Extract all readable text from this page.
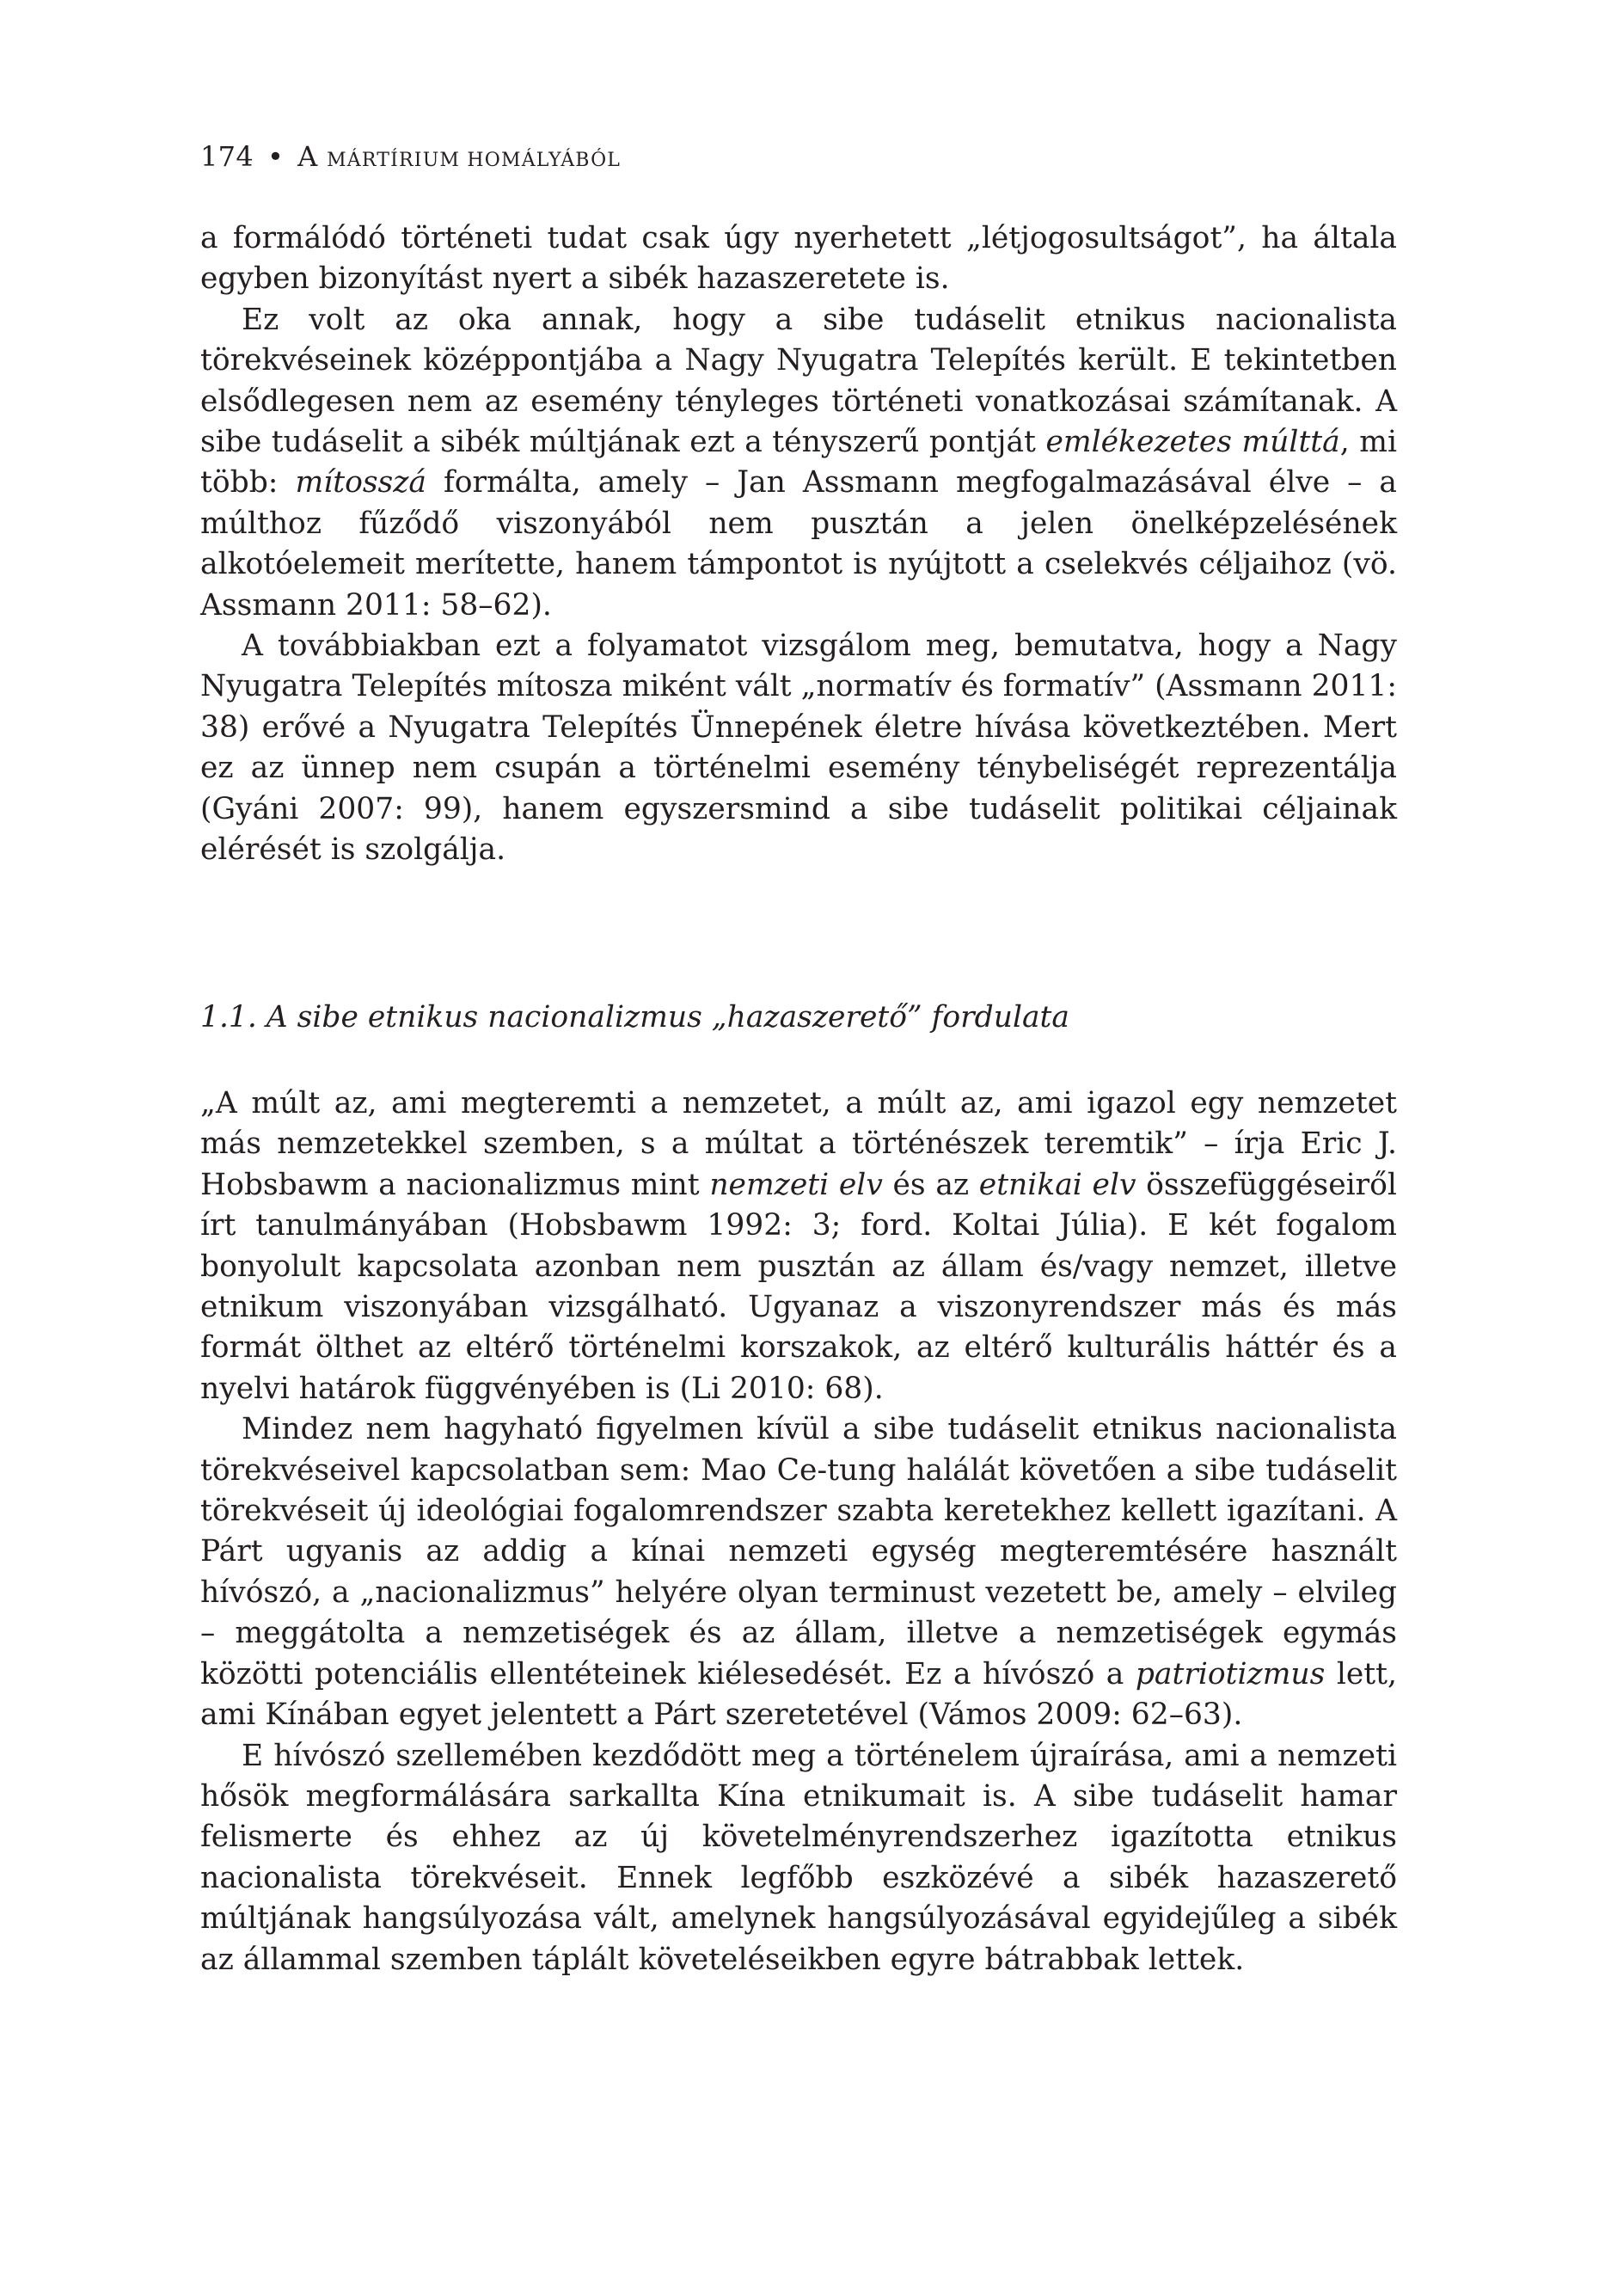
174 • A MÁRTÍRIUM HOMÁLYÁBÓL

a formálódó történeti tudat csak úgy nyerhetett „létjogosultságot”, ha általa egyben bizonyítást nyert a sibék hazaszeretete is.

Ez volt az oka annak, hogy a sibe tudáselit etnikus nacionalista törekvéseinek középpontjába a Nagy Nyugatra Telepítés került. E tekintetben elsődlegesen nem az esemény tényleges történeti vonatkozásai számítanak. A sibe tudáselit a sibék múltjának ezt a tényszerű pontját emlékezetes múlttá, mi több: mítosszá formálta, amely – Jan Assmann megfogalmazásával élve – a múlthoz fűződő viszonyából nem pusztán a jelen önelképzelésének alkotóelemeit merítette, hanem támpontot is nyújtott a cselekvés céljaihoz (vö. Assmann 2011: 58–62).

A továbbiakban ezt a folyamatot vizsgálom meg, bemutatva, hogy a Nagy Nyugatra Telepítés mítosza miként vált „normatív és formatív” (Assmann 2011: 38) erővé a Nyugatra Telepítés Ünnepének életre hívása következtében. Mert ez az ünnep nem csupán a történelmi esemény ténybeliségét reprezentálja (Gyáni 2007: 99), hanem egyszersmind a sibe tudáselit politikai céljainak elérését is szolgálja.

1.1. A sibe etnikus nacionalizmus „hazaszerető” fordulata

„A múlt az, ami megteremti a nemzetet, a múlt az, ami igazol egy nemzetet más nemzetekkel szemben, s a múltat a történészek teremtik” – írja Eric J. Hobsbawm a nacionalizmus mint nemzeti elv és az etnikai elv összefüggéseiről írt tanulmányában (Hobsbawm 1992: 3; ford. Koltai Júlia). E két fogalom bonyolult kapcsolata azonban nem pusztán az állam és/vagy nemzet, illetve etnikum viszonyában vizsgálható. Ugyanaz a viszonyrendszer más és más formát ölthet az eltérő történelmi korszakok, az eltérő kulturális háttér és a nyelvi határok függvényében is (Li 2010: 68).

Mindez nem hagyható figyelmen kívül a sibe tudáselit etnikus nacionalista törekvéseivel kapcsolatban sem: Mao Ce-tung halálát követően a sibe tudáselit törekvéseit új ideológiai fogalomrendszer szabta keretekhez kellett igazítani. A Párt ugyanis az addig a kínai nemzeti egység megteremtésére használt hívószó, a „nacionalizmus” helyére olyan terminust vezetett be, amely – elvileg – meggátolta a nemzetiségek és az állam, illetve a nemzetiségek egymás közötti potenciális ellentéteinek kiélesedését. Ez a hívószó a patriotizmus lett, ami Kínában egyet jelentett a Párt szeretetével (Vámos 2009: 62–63).

E hívószó szellemében kezdődött meg a történelem újraírása, ami a nemzeti hősök megformálására sarkallta Kína etnikumait is. A sibe tudáselit hamar felismerte és ehhez az új követelményrendszerhez igazította etnikus nacionalista törekvéseit. Ennek legfőbb eszközévé a sibék hazaszerető múltjának hangsúlyozása vált, amelynek hangsúlyozásával egyidejűleg a sibék az állammal szemben táplált követeléseikben egyre bátrabbak lettek.
